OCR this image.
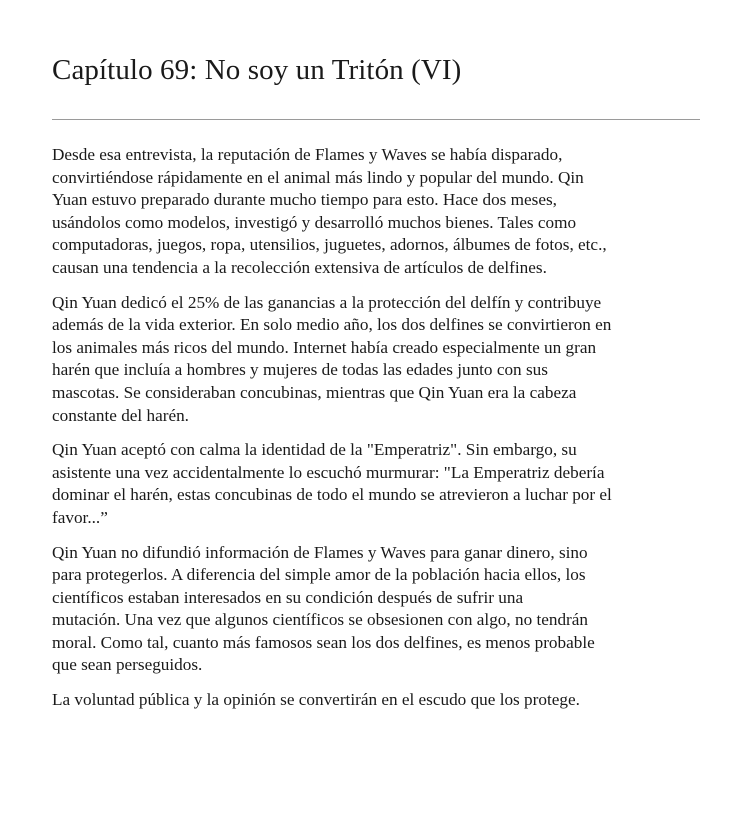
Capítulo 69: No soy un Tritón (VI)

Desde esa entrevista, la reputación de Flames y Waves se había disparado,
convirtiéndose rápidamente en el animal más lindo y popular del mundo. Qin
Yuan estuvo preparado durante mucho tiempo para esto. Hace dos meses,
usándolos como modelos, investigó y desarrolló muchos bienes. Tales como
computadoras, juegos, ropa, utensilios, juguetes, adornos, álbumes de fotos, etc.,
causan una tendencia a la recolección extensiva de artículos de delfines.

Qin Yuan dedicó el 25% de las ganancias a la protección del delfín y contribuye
además de la vida exterior. En solo medio año, los dos delfines se convirtieron en
los animales más ricos del mundo. Internet había creado especialmente un gran
harén que incluía a hombres y mujeres de todas las edades junto con sus
mascotas. Se consideraban concubinas, mientras que Qin Yuan era la cabeza
constante del harén.

Qin Yuan aceptó con calma la identidad de la "Emperatriz". Sin embargo, su
asistente una vez accidentalmente lo escuchó murmurar: "La Emperatriz debería
dominar el harén, estas concubinas de todo el mundo se atrevieron a luchar por el
favor...”

Qin Yuan no difundió información de Flames y Waves para ganar dinero, sino
para protegerlos. A diferencia del simple amor de la población hacia ellos, los
científicos estaban interesados en su condición después de sufrir una
mutación. Una vez que algunos científicos se obsesionen con algo, no tendrán
moral. Como tal, cuanto más famosos sean los dos delfines, es menos probable
que sean perseguidos.

La voluntad pública y la opinión se convertirán en el escudo que los protege.
